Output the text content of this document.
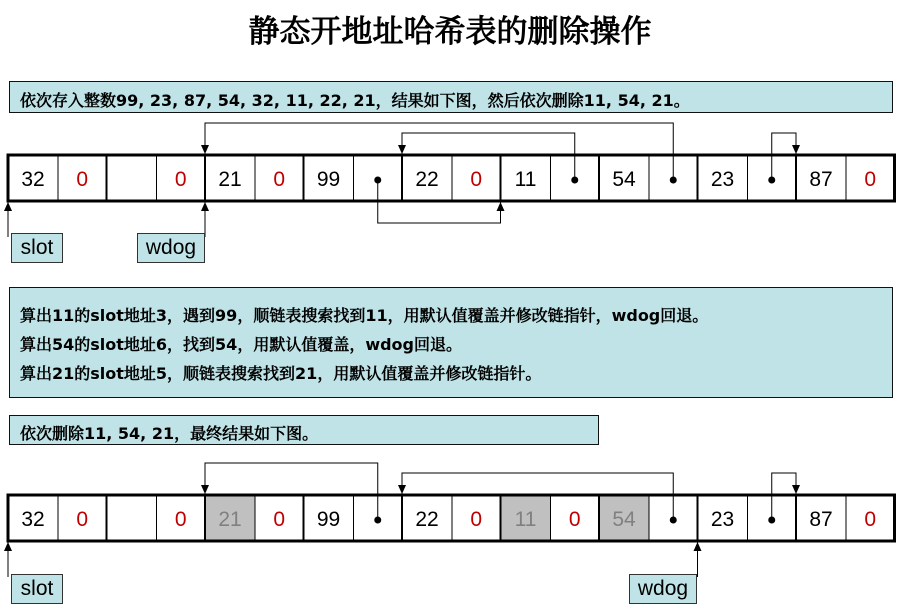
静态开地址哈希表的删除操作
依次存入整数99, 23, 87, 54, 32, 11, 22, 21，结果如下图，然后依次删除11, 54, 21。
算出11的slot地址3，遇到99，顺链表搜索找到11，用默认值覆盖并修改链指针，wdog回退。
算出54的slot地址6，找到54，用默认值覆盖，wdog回退。
算出21的slot地址5，顺链表搜索找到21，用默认值覆盖并修改链指针。
依次删除11, 54, 21，最终结果如下图。
32 0	0 21 0 99	22 0 11	54	23	87 0
32 0	0 21 0 99	22 0 11 0 54	23	87 0
slot	wdog
slot	wdog
